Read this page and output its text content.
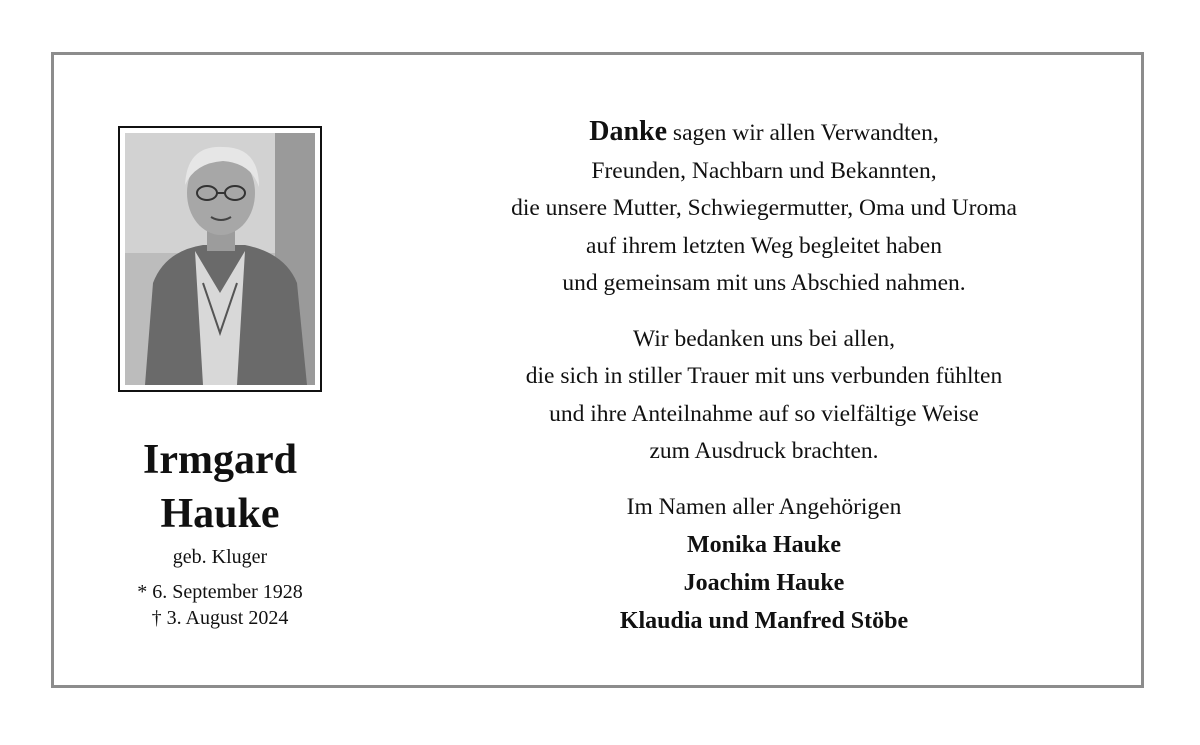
Irmgard
Hauke
geb. Kluger
* 6. September 1928
† 3. August 2024
Danke sagen wir allen Verwandten,
Freunden, Nachbarn und Bekannten,
die unsere Mutter, Schwiegermutter, Oma und Uroma
auf ihrem letzten Weg begleitet haben
und gemeinsam mit uns Abschied nahmen.
Wir bedanken uns bei allen,
die sich in stiller Trauer mit uns verbunden fühlten
und ihre Anteilnahme auf so vielfältige Weise
zum Ausdruck brachten.
Im Namen aller Angehörigen
Monika Hauke
Joachim Hauke
Klaudia und Manfred Stöbe
